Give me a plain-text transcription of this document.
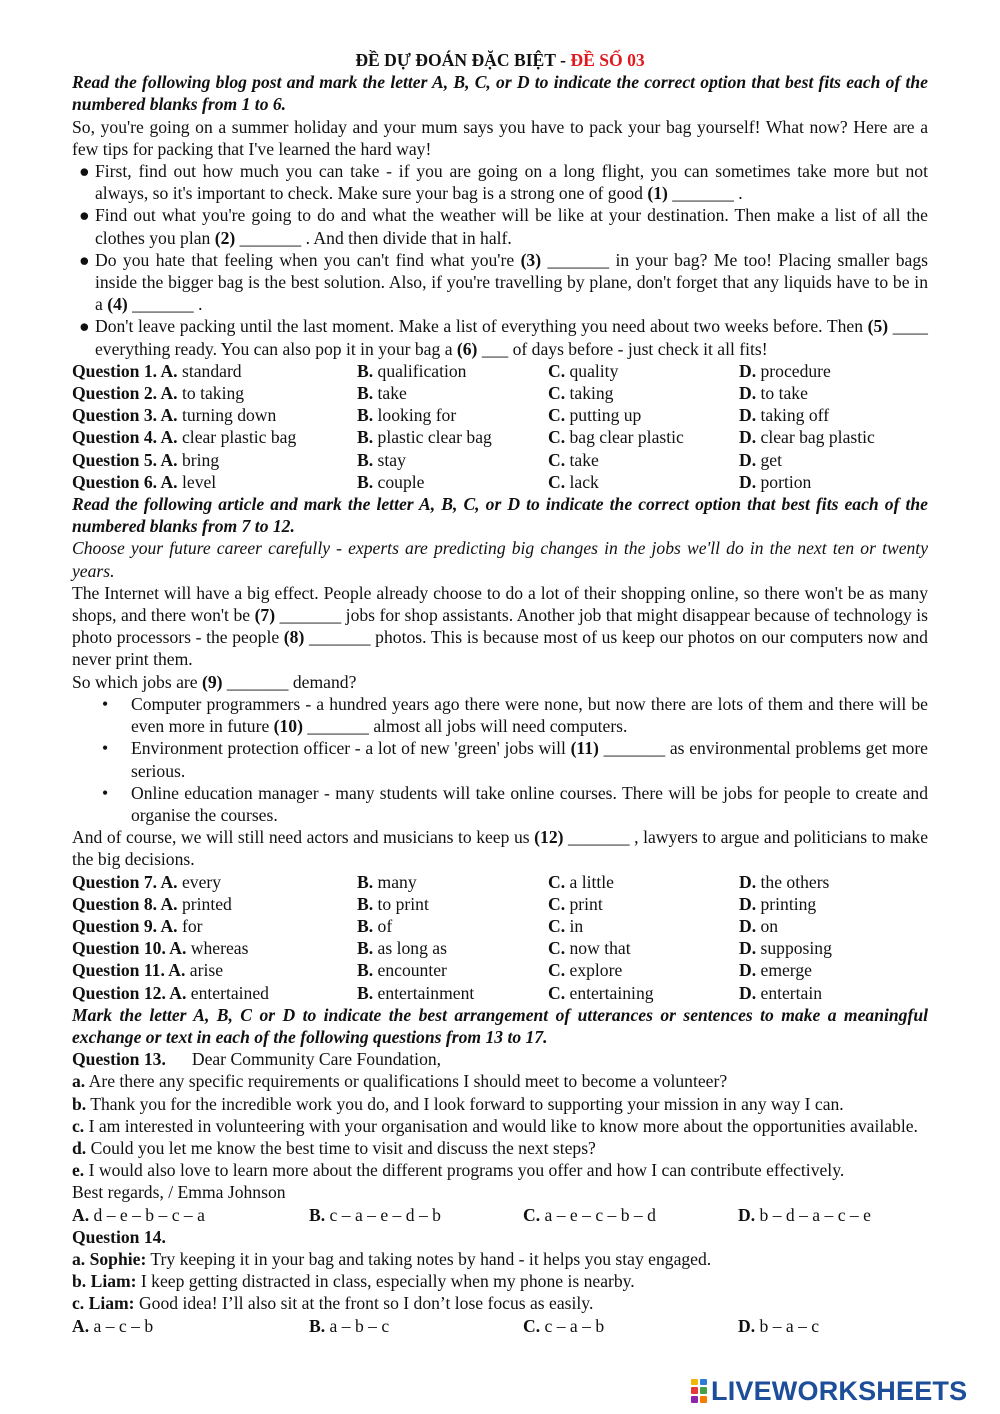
ĐỀ DỰ ĐOÁN ĐẶC BIỆT - ĐỀ SỐ 03
Read the following blog post and mark the letter A, B, C, or D to indicate the correct option that best fits each of the numbered blanks from 1 to 6.
So, you're going on a summer holiday and your mum says you have to pack your bag yourself! What now? Here are a few tips for packing that I've learned the hard way!
● First, find out how much you can take - if you are going on a long flight, you can sometimes take more but not always, so it's important to check. Make sure your bag is a strong one of good (1) _______ .
● Find out what you're going to do and what the weather will be like at your destination. Then make a list of all the clothes you plan (2) _______ . And then divide that in half.
● Do you hate that feeling when you can't find what you're (3) _______ in your bag? Me too! Placing smaller bags inside the bigger bag is the best solution. Also, if you're travelling by plane, don't forget that any liquids have to be in a (4) _______ .
● Don't leave packing until the last moment. Make a list of everything you need about two weeks before. Then (5) ____ everything ready. You can also pop it in your bag a (6) ___ of days before - just check it all fits!
Question 1. A. standard	B. qualification	C. quality	D. procedure
Question 2. A. to taking	B. take	C. taking	D. to take
Question 3. A. turning down	B. looking for	C. putting up	D. taking off
Question 4. A. clear plastic bag	B. plastic clear bag	C. bag clear plastic	D. clear bag plastic
Question 5. A. bring	B. stay	C. take	D. get
Question 6. A. level	B. couple	C. lack	D. portion
Read the following article and mark the letter A, B, C, or D to indicate the correct option that best fits each of the numbered blanks from 7 to 12.
Choose your future career carefully - experts are predicting big changes in the jobs we'll do in the next ten or twenty years.
The Internet will have a big effect. People already choose to do a lot of their shopping online, so there won't be as many shops, and there won't be (7) _______ jobs for shop assistants. Another job that might disappear because of technology is photo processors - the people (8) _______ photos. This is because most of us keep our photos on our computers now and never print them.
So which jobs are (9) _______ demand?
• Computer programmers - a hundred years ago there were none, but now there are lots of them and there will be even more in future (10) _______ almost all jobs will need computers.
• Environment protection officer - a lot of new 'green' jobs will (11) _______ as environmental problems get more serious.
• Online education manager - many students will take online courses. There will be jobs for people to create and organise the courses.
And of course, we will still need actors and musicians to keep us (12) _______ , lawyers to argue and politicians to make the big decisions.
Question 7. A. every	B. many	C. a little	D. the others
Question 8. A. printed	B. to print	C. print	D. printing
Question 9. A. for	B. of	C. in	D. on
Question 10. A. whereas	B. as long as	C. now that	D. supposing
Question 11. A. arise	B. encounter	C. explore	D. emerge
Question 12. A. entertained	B. entertainment	C. entertaining	D. entertain
Mark the letter A, B, C or D to indicate the best arrangement of utterances or sentences to make a meaningful exchange or text in each of the following questions from 13 to 17.
Question 13. Dear Community Care Foundation,
a. Are there any specific requirements or qualifications I should meet to become a volunteer?
b. Thank you for the incredible work you do, and I look forward to supporting your mission in any way I can.
c. I am interested in volunteering with your organisation and would like to know more about the opportunities available.
d. Could you let me know the best time to visit and discuss the next steps?
e. I would also love to learn more about the different programs you offer and how I can contribute effectively.
Best regards, / Emma Johnson
A. d – e – b – c – a	B. c – a – e – d – b	C. a – e – c – b – d	D. b – d – a – c – e
Question 14.
a. Sophie: Try keeping it in your bag and taking notes by hand - it helps you stay engaged.
b. Liam: I keep getting distracted in class, especially when my phone is nearby.
c. Liam: Good idea! I’ll also sit at the front so I don’t lose focus as easily.
A. a – c – b	B. a – b – c	C. c – a – b	D. b – a – c
LIVEWORKSHEETS
